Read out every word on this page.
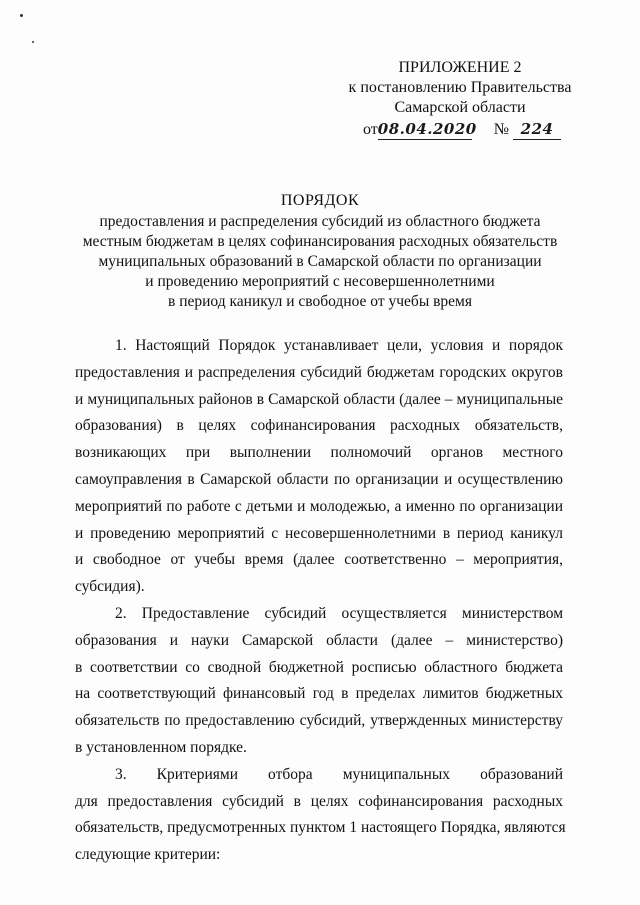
ПРИЛОЖЕНИЕ 2
к постановлению Правительства
Самарской области
от08.04.2020 № 224
ПОРЯДОК
предоставления и распределения субсидий из областного бюджета
местным бюджетам в целях софинансирования расходных обязательств
муниципальных образований в Самарской области по организации
и проведению мероприятий с несовершеннолетними
в период каникул и свободное от учебы время

1. Настоящий Порядок устанавливает цели, условия и порядок
предоставления и распределения субсидий бюджетам городских округов
и муниципальных районов в Самарской области (далее – муниципальные
образования) в целях софинансирования расходных обязательств,
возникающих при выполнении полномочий органов местного
самоуправления в Самарской области по организации и осуществлению
мероприятий по работе с детьми и молодежью, а именно по организации
и проведению мероприятий с несовершеннолетними в период каникул
и свободное от учебы время (далее соответственно – мероприятия,
субсидия).

2. Предоставление субсидий осуществляется министерством
образования и науки Самарской области (далее – министерство)
в соответствии со сводной бюджетной росписью областного бюджета
на соответствующий финансовый год в пределах лимитов бюджетных
обязательств по предоставлению субсидий, утвержденных министерству
в установленном порядке.

3. Критериями отбора муниципальных образований
для предоставления субсидий в целях софинансирования расходных
обязательств, предусмотренных пунктом 1 настоящего Порядка, являются
следующие критерии:
